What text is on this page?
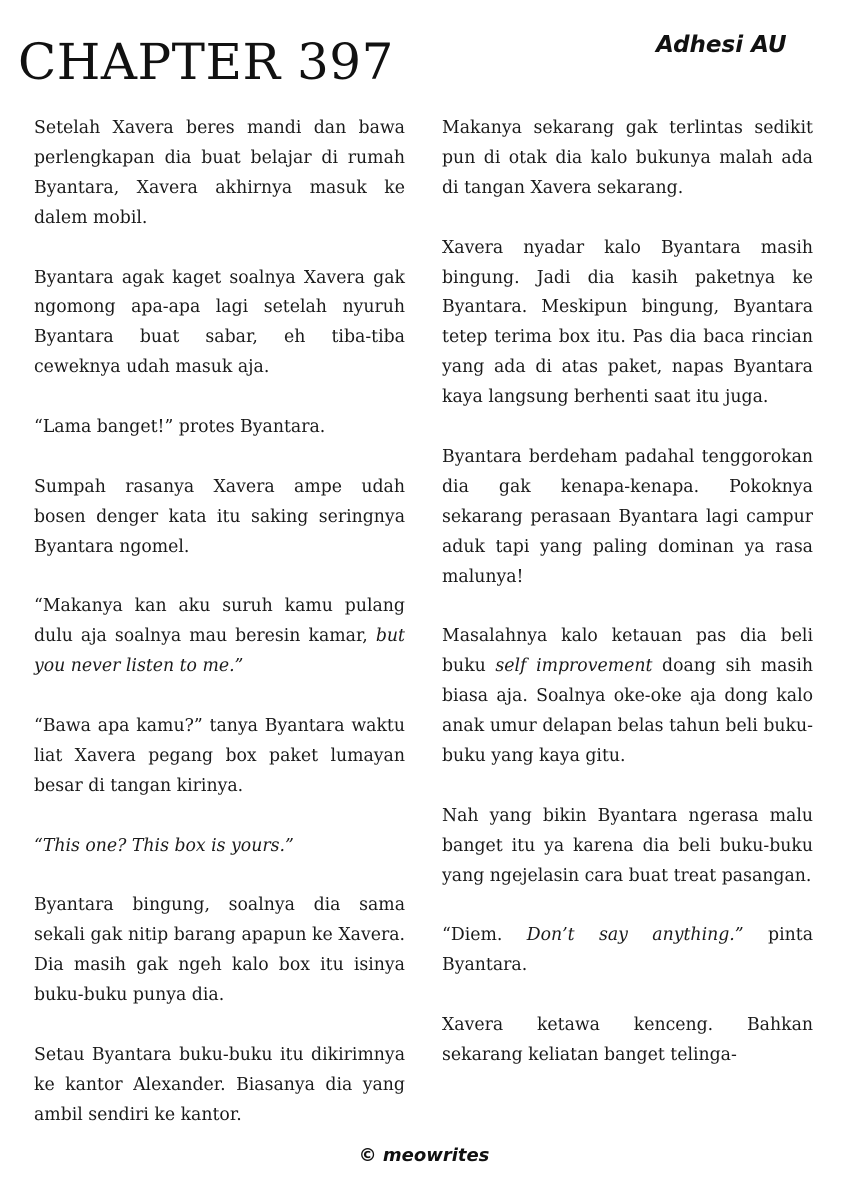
CHAPTER 397	Adhesi AU

Setelah Xavera beres mandi dan bawa perlengkapan dia buat belajar di rumah Byantara, Xavera akhirnya masuk ke dalem mobil.

Byantara agak kaget soalnya Xavera gak ngomong apa-apa lagi setelah nyuruh Byantara buat sabar, eh tiba-tiba ceweknya udah masuk aja.

“Lama banget!” protes Byantara.

Sumpah rasanya Xavera ampe udah bosen denger kata itu saking seringnya Byantara ngomel.

“Makanya kan aku suruh kamu pulang dulu aja soalnya mau beresin kamar, but you never listen to me.”

“Bawa apa kamu?” tanya Byantara waktu liat Xavera pegang box paket lumayan besar di tangan kirinya.

“This one? This box is yours.”

Byantara bingung, soalnya dia sama sekali gak nitip barang apapun ke Xavera. Dia masih gak ngeh kalo box itu isinya buku-buku punya dia.

Setau Byantara buku-buku itu dikirimnya ke kantor Alexander. Biasanya dia yang ambil sendiri ke kantor.

Makanya sekarang gak terlintas sedikit pun di otak dia kalo bukunya malah ada di tangan Xavera sekarang.

Xavera nyadar kalo Byantara masih bingung. Jadi dia kasih paketnya ke Byantara. Meskipun bingung, Byantara tetep terima box itu. Pas dia baca rincian yang ada di atas paket, napas Byantara kaya langsung berhenti saat itu juga.

Byantara berdeham padahal tenggorokan dia gak kenapa-kenapa. Pokoknya sekarang perasaan Byantara lagi campur aduk tapi yang paling dominan ya rasa malunya!

Masalahnya kalo ketauan pas dia beli buku self improvement doang sih masih biasa aja. Soalnya oke-oke aja dong kalo anak umur delapan belas tahun beli buku-buku yang kaya gitu.

Nah yang bikin Byantara ngerasa malu banget itu ya karena dia beli buku-buku yang ngejelasin cara buat treat pasangan.

“Diem. Don’t say anything.” pinta Byantara.

Xavera ketawa kenceng. Bahkan sekarang keliatan banget telinga-

© meowrites
